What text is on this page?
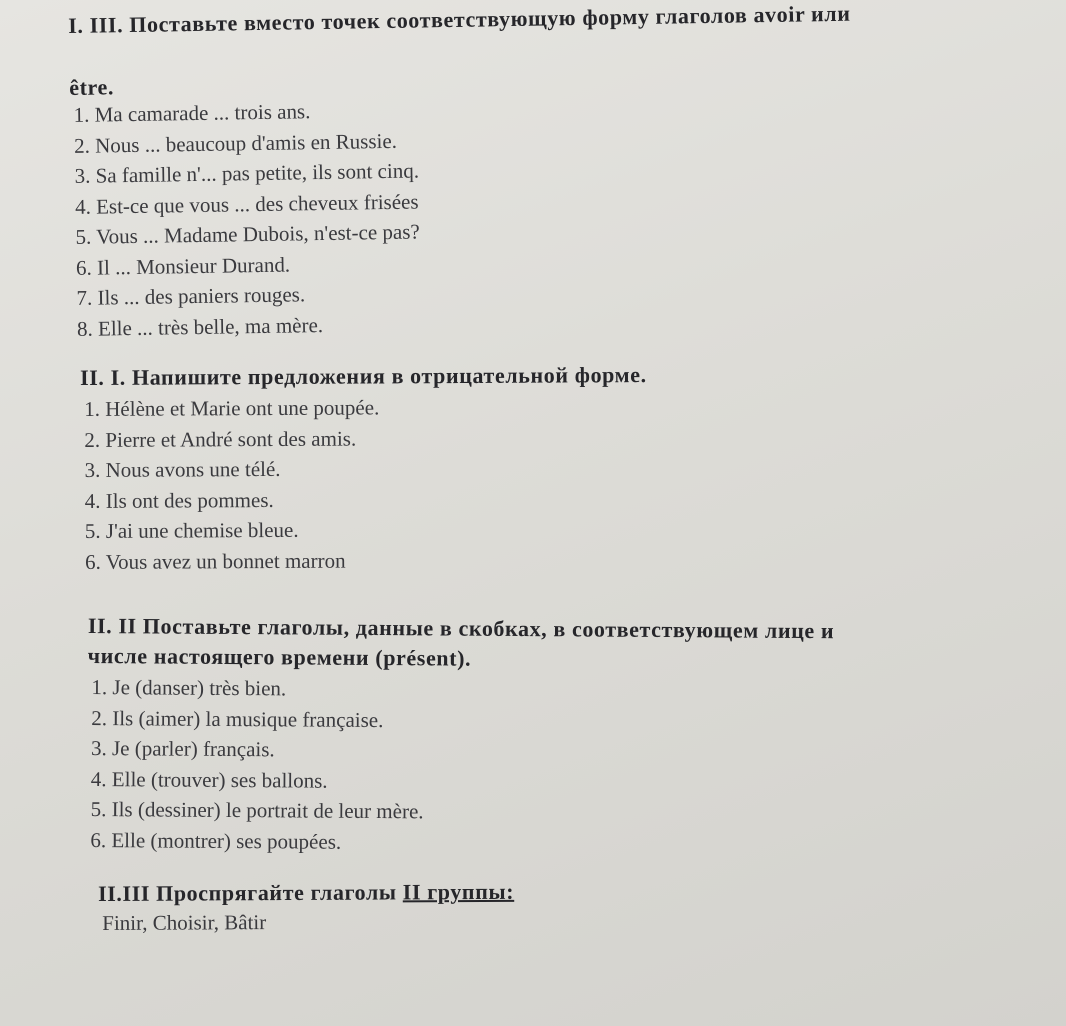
I. III. Поставьте вместо точек соответствующую форму глаголов avoir или
être.
1. Ma camarade ... trois ans.
2. Nous ... beaucoup d'amis en Russie.
3. Sa famille n'... pas petite, ils sont cinq.
4. Est-ce que vous ... des cheveux frisées
5. Vous ... Madame Dubois, n'est-ce pas?
6. Il ... Monsieur Durand.
7. Ils ... des paniers rouges.
8. Elle ... très belle, ma mère.
II. I. Напишите предложения в отрицательной форме.
1. Hélène et Marie ont une poupée.
2. Pierre et André sont des amis.
3. Nous avons une télé.
4. Ils ont des pommes.
5. J'ai une chemise bleue.
6. Vous avez un bonnet marron
II. II Поставьте глаголы, данные в скобках, в соответствующем лице и
числе настоящего времени (présent).
1. Je (danser) très bien.
2. Ils (aimer) la musique française.
3. Je (parler) français.
4. Elle (trouver) ses ballons.
5. Ils (dessiner) le portrait de leur mère.
6. Elle (montrer) ses poupées.
II.III Проспрягайте глаголы II группы:
Finir, Choisir, Bâtir
